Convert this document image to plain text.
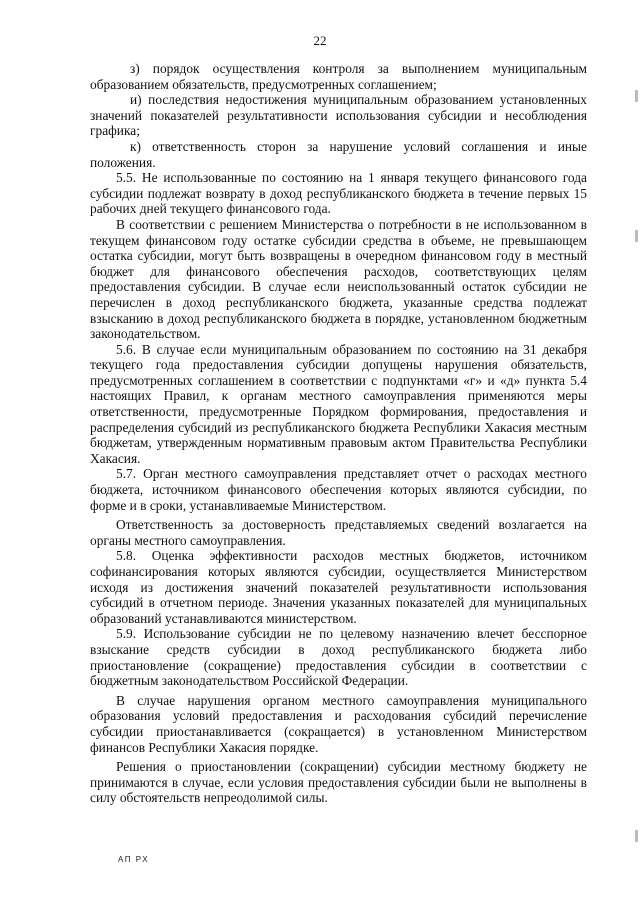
22

з) порядок осуществления контроля за выполнением муниципальным образованием обязательств, предусмотренных соглашением;

и) последствия недостижения муниципальным образованием установленных значений показателей результативности использования субсидии и несоблюдения графика;

к) ответственность сторон за нарушение условий соглашения и иные положения.

5.5. Не использованные по состоянию на 1 января текущего финансового года субсидии подлежат возврату в доход республиканского бюджета в течение первых 15 рабочих дней текущего финансового года.

В соответствии с решением Министерства о потребности в не использованном в текущем финансовом году остатке субсидии средства в объеме, не превышающем остатка субсидии, могут быть возвращены в очередном финансовом году в местный бюджет для финансового обеспечения расходов, соответствующих целям предоставления субсидии. В случае если неиспользованный остаток субсидии не перечислен в доход республиканского бюджета, указанные средства подлежат взысканию в доход республиканского бюджета в порядке, установленном бюджетным законодательством.

5.6. В случае если муниципальным образованием по состоянию на 31 декабря текущего года предоставления субсидии допущены нарушения обязательств, предусмотренных соглашением в соответствии с подпунктами «г» и «д» пункта 5.4 настоящих Правил, к органам местного самоуправления применяются меры ответственности, предусмотренные Порядком формирования, предоставления и распределения субсидий из республиканского бюджета Республики Хакасия местным бюджетам, утвержденным нормативным правовым актом Правительства Республики Хакасия.

5.7. Орган местного самоуправления представляет отчет о расходах местного бюджета, источником финансового обеспечения которых являются субсидии, по форме и в сроки, устанавливаемые Министерством.

Ответственность за достоверность представляемых сведений возлагается на органы местного самоуправления.

5.8. Оценка эффективности расходов местных бюджетов, источником софинансирования которых являются субсидии, осуществляется Министерством исходя из достижения значений показателей результативности использования субсидий в отчетном периоде. Значения указанных показателей для муниципальных образований устанавливаются министерством.

5.9. Использование субсидии не по целевому назначению влечет бесспорное взыскание средств субсидии в доход республиканского бюджета либо приостановление (сокращение) предоставления субсидии в соответствии с бюджетным законодательством Российской Федерации.

В случае нарушения органом местного самоуправления муниципального образования условий предоставления и расходования субсидий перечисление субсидии приостанавливается (сокращается) в установленном Министерством финансов Республики Хакасия порядке.

Решения о приостановлении (сокращении) субсидии местному бюджету не принимаются в случае, если условия предоставления субсидии были не выполнены в силу обстоятельств непреодолимой силы.

АП РХ
